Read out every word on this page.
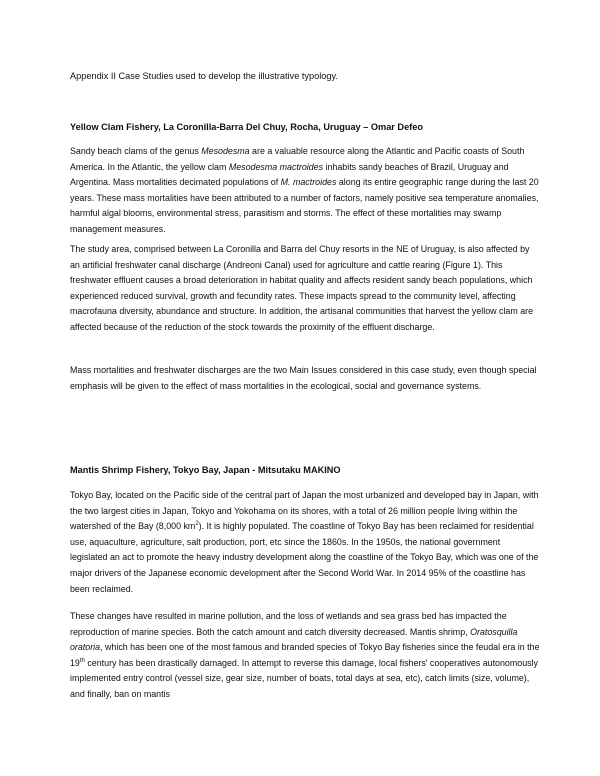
Appendix II Case Studies used to develop the illustrative typology.

Yellow Clam Fishery, La Coronilla-Barra Del Chuy, Rocha, Uruguay – Omar Defeo

Sandy beach clams of the genus Mesodesma are a valuable resource along the Atlantic and Pacific coasts of South America. In the Atlantic, the yellow clam Mesodesma mactroides inhabits sandy beaches of Brazil, Uruguay and Argentina. Mass mortalities decimated populations of M. mactroides along its entire geographic range during the last 20 years. These mass mortalities have been attributed to a number of factors, namely positive sea temperature anomalies, harmful algal blooms, environmental stress, parasitism and storms. The effect of these mortalities may swamp management measures.

The study area, comprised between La Coronilla and Barra del Chuy resorts in the NE of Uruguay, is also affected by an artificial freshwater canal discharge (Andreoni Canal) used for agriculture and cattle rearing (Figure 1). This freshwater effluent causes a broad deterioration in habitat quality and affects resident sandy beach populations, which experienced reduced survival, growth and fecundity rates. These impacts spread to the community level, affecting macrofauna diversity, abundance and structure. In addition, the artisanal communities that harvest the yellow clam are affected because of the reduction of the stock towards the proximity of the effluent discharge.

Mass mortalities and freshwater discharges are the two Main Issues considered in this case study, even though special emphasis will be given to the effect of mass mortalities in the ecological, social and governance systems.

Mantis Shrimp Fishery, Tokyo Bay, Japan - Mitsutaku MAKINO

Tokyo Bay, located on the Pacific side of the central part of Japan the most urbanized and developed bay in Japan, with the two largest cities in Japan, Tokyo and Yokohama on its shores, with a total of 26 million people living within the watershed of the Bay (8,000 $km^2$). It is highly populated. The coastline of Tokyo Bay has been reclaimed for residential use, aquaculture, agriculture, salt production, port, etc since the 1860s. In the 1950s, the national government legislated an act to promote the heavy industry development along the coastline of the Tokyo Bay, which was one of the major drivers of the Japanese economic development after the Second World War. In 2014 95% of the coastline has been reclaimed.

These changes have resulted in marine pollution, and the loss of wetlands and sea grass bed has impacted the reproduction of marine species. Both the catch amount and catch diversity decreased. Mantis shrimp, Oratosquilla oratoria, which has been one of the most famous and branded species of Tokyo Bay fisheries since the feudal era in the 19th century has been drastically damaged. In attempt to reverse this damage, local fishers' cooperatives autonomously implemented entry control (vessel size, gear size, number of boats, total days at sea, etc), catch limits (size, volume), and finally, ban on mantis
